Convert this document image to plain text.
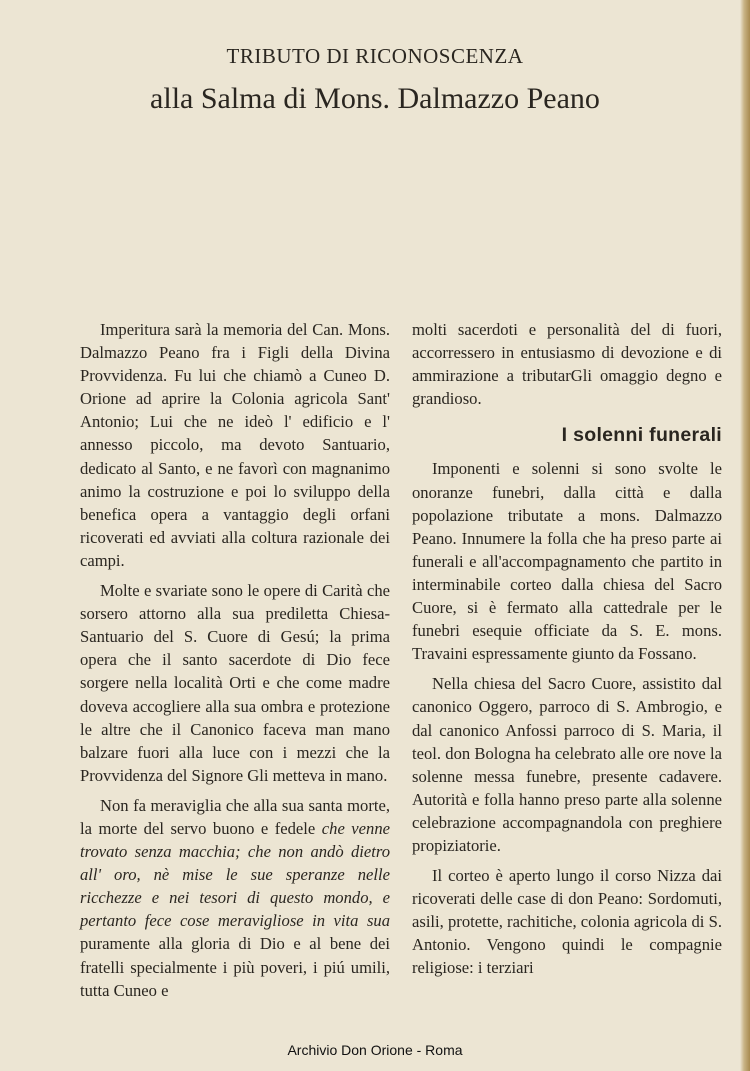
TRIBUTO DI RICONOSCENZA
alla Salma di Mons. Dalmazzo Peano

Imperitura sarà la memoria del Can. Mons. Dalmazzo Peano fra i Figli della Divina Provvidenza. Fu lui che chiamò a Cuneo D. Orione ad aprire la Colonia agricola Sant' Antonio; Lui che ne ideò l' edificio e l' annesso piccolo, ma devoto Santuario, dedicato al Santo, e ne favorì con magnanimo animo la costruzione e poi lo sviluppo della benefica opera a vantaggio degli orfani ricoverati ed avviati alla coltura razionale dei campi.

Molte e svariate sono le opere di Carità che sorsero attorno alla sua prediletta Chiesa-Santuario del S. Cuore di Gesú; la prima opera che il santo sacerdote di Dio fece sorgere nella località Orti e che come madre doveva accogliere alla sua ombra e protezione le altre che il Canonico faceva man mano balzare fuori alla luce con i mezzi che la Provvidenza del Signore Gli metteva in mano.

Non fa meraviglia che alla sua santa morte, la morte del servo buono e fedele che venne trovato senza macchia; che non andò dietro all' oro, nè mise le sue speranze nelle ricchezze e nei tesori di questo mondo, e pertanto fece cose meravigliose in vita sua puramente alla gloria di Dio e al bene dei fratelli specialmente i più poveri, i piú umili, tutta Cuneo e

molti sacerdoti e personalità del di fuori, accorressero in entusiasmo di devozione e di ammirazione a tributarGli omaggio degno e grandioso.

I solenni funerali

Imponenti e solenni si sono svolte le onoranze funebri, dalla città e dalla popolazione tributate a mons. Dalmazzo Peano. Innumere la folla che ha preso parte ai funerali e all'accompagnamento che partito in interminabile corteo dalla chiesa del Sacro Cuore, si è fermato alla cattedrale per le funebri esequie officiate da S. E. mons. Travaini espressamente giunto da Fossano.

Nella chiesa del Sacro Cuore, assistito dal canonico Oggero, parroco di S. Ambrogio, e dal canonico Anfossi parroco di S. Maria, il teol. don Bologna ha celebrato alle ore nove la solenne messa funebre, presente cadavere. Autorità e folla hanno preso parte alla solenne celebrazione accompagnandola con preghiere propiziatorie.

Il corteo è aperto lungo il corso Nizza dai ricoverati delle case di don Peano: Sordomuti, asili, protette, rachitiche, colonia agricola di S. Antonio. Vengono quindi le compagnie religiose: i terziari

Archivio Don Orione - Roma
